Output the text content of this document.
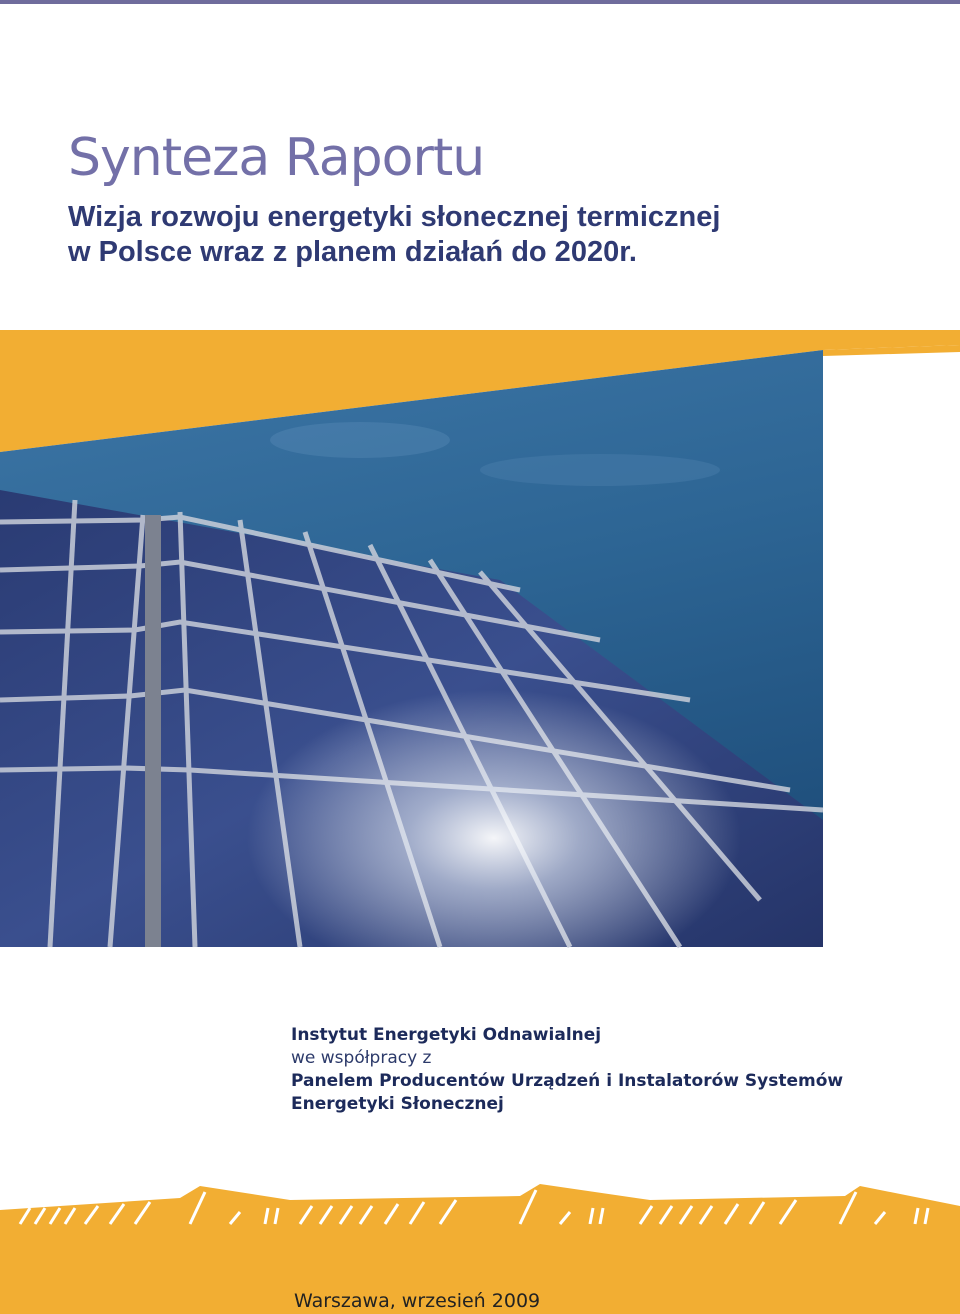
Synteza Raportu
Wizja rozwoju energetyki słonecznej termicznej
w Polsce wraz z planem działań do 2020r.
Instytut Energetyki Odnawialnej
we współpracy z
Panelem Producentów Urządzeń i Instalatorów Systemów
Energetyki Słonecznej
Warszawa, wrzesień 2009
